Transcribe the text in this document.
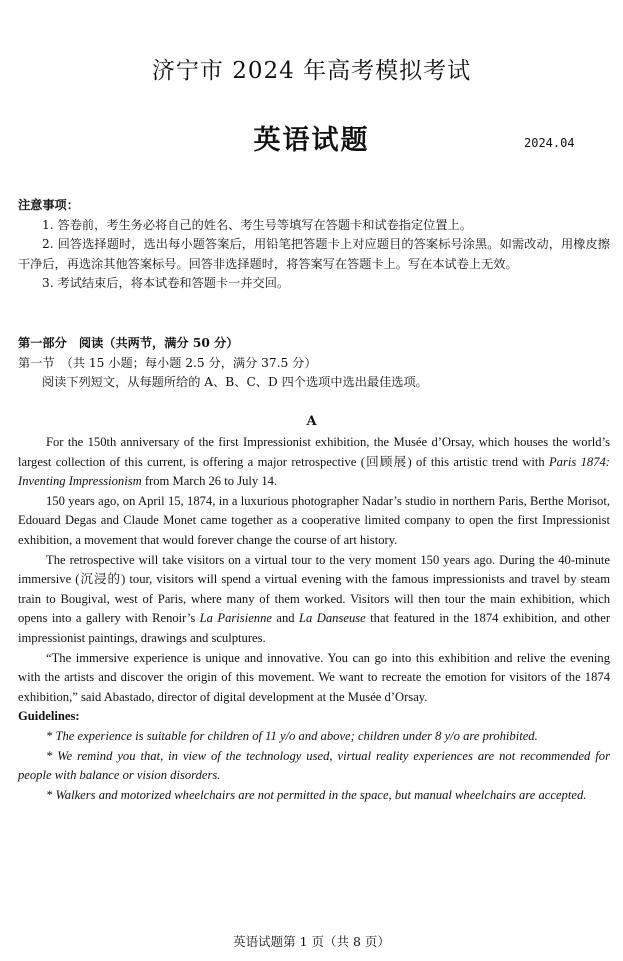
济宁市 2024 年高考模拟考试
英语试题	2024.04
注意事项：
1. 答卷前，考生务必将自己的姓名、考生号等填写在答题卡和试卷指定位置上。
2. 回答选择题时，选出每小题答案后，用铅笔把答题卡上对应题目的答案标号涂黑。如需改动，用橡皮擦干净后，再选涂其他答案标号。回答非选择题时，将答案写在答题卡上。写在本试卷上无效。
3. 考试结束后，将本试卷和答题卡一并交回。
第一部分　阅读（共两节，满分 50 分）
第一节　（共 15 小题；每小题 2.5 分，满分 37.5 分）
阅读下列短文，从每题所给的 A、B、C、D 四个选项中选出最佳选项。
A

For the 150th anniversary of the first Impressionist exhibition, the Musée d’Orsay, which houses the world’s largest collection of this current, is offering a major retrospective (回顾展) of this artistic trend with Paris 1874: Inventing Impressionism from March 26 to July 14.

150 years ago, on April 15, 1874, in a luxurious photographer Nadar’s studio in northern Paris, Berthe Morisot, Edouard Degas and Claude Monet came together as a cooperative limited company to open the first Impressionist exhibition, a movement that would forever change the course of art history.

The retrospective will take visitors on a virtual tour to the very moment 150 years ago. During the 40-minute immersive (沉浸的) tour, visitors will spend a virtual evening with the famous impressionists and travel by steam train to Bougival, west of Paris, where many of them worked. Visitors will then tour the main exhibition, which opens into a gallery with Renoir’s La Parisienne and La Danseuse that featured in the 1874 exhibition, and other impressionist paintings, drawings and sculptures.

“The immersive experience is unique and innovative. You can go into this exhibition and relive the evening with the artists and discover the origin of this movement. We want to recreate the emotion for visitors of the 1874 exhibition,” said Abastado, director of digital development at the Musée d’Orsay.

Guidelines:

* The experience is suitable for children of 11 y/o and above; children under 8 y/o are prohibited.

* We remind you that, in view of the technology used, virtual reality experiences are not recommended for people with balance or vision disorders.

* Walkers and motorized wheelchairs are not permitted in the space, but manual wheelchairs are accepted.

英语试题第 1 页（共 8 页）
